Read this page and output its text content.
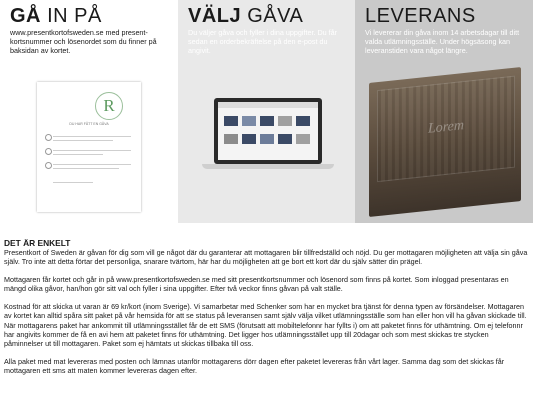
GÅ IN PÅ
www.presentkortofsweden.se med present-kortsnummer och lösenordet som du finner på baksidan av kortet.
R
DU HAR FÅTT EN GÅVA
VÄLJ GÅVA
Du väljer gåva och fyller i dina uppgifter. Du får sedan en orderbekräftelse på den e-post du angivit.
LEVERANS
Vi levererar din gåva inom 14 arbetsdagar till ditt valda utlämningsställe. Under högsäsong kan leveranstiden vara något längre.
Lorem
DET ÄR ENKELT

Presentkort of Sweden är gåvan för dig som vill ge något där du garanterar att mottagaren blir tillfredställd och nöjd. Du ger mottagaren möjligheten att välja sin gåva själv. Tro inte att detta förtar det personliga, snarare tvärtom, här har du möjligheten att ge bort ett kort där du själv sätter din prägel.

Mottagaren får kortet och går in på www.presentkortofsweden.se med sitt presentkortsnummer och lösenord som finns på kortet. Som inloggad presentaras en mängd olika gåvor, han/hon gör sitt val och fyller i sina uppgifter. Efter två veckor finns gåvan på valt ställe.

Kostnad för att skicka ut varan är 69 kr/kort (inom Sverige). Vi samarbetar med Schenker som har en mycket bra tjänst för denna typen av försändelser. Mottagaren av kortet kan alltid spåra sitt paket på vår hemsida för att se status på leveransen samt själv välja vilket utlämningsställe som han eller hon vill ha gåvan skickade till. När mottagarens paket har ankommit till utlämningsstället får de ett SMS (förutsatt att mobiltelefonnr har fyllts i) om att paketet finns för uthämtning. Om ej telefonnr har angivits kommer de få en avi hem att paketet finns för uthämtning. Det ligger hos utlämningsstället upp till 20dagar och som mest skickas tre stycken påminnelser ut till mottagaren. Paket som ej hämtats ut skickas tillbaka till oss.

Alla paket med mat levereras med posten och lämnas utanför mottagarens dörr dagen efter paketet levereras från vårt lager. Samma dag som det skickas får mottagaren ett sms att maten kommer levereras dagen efter.
